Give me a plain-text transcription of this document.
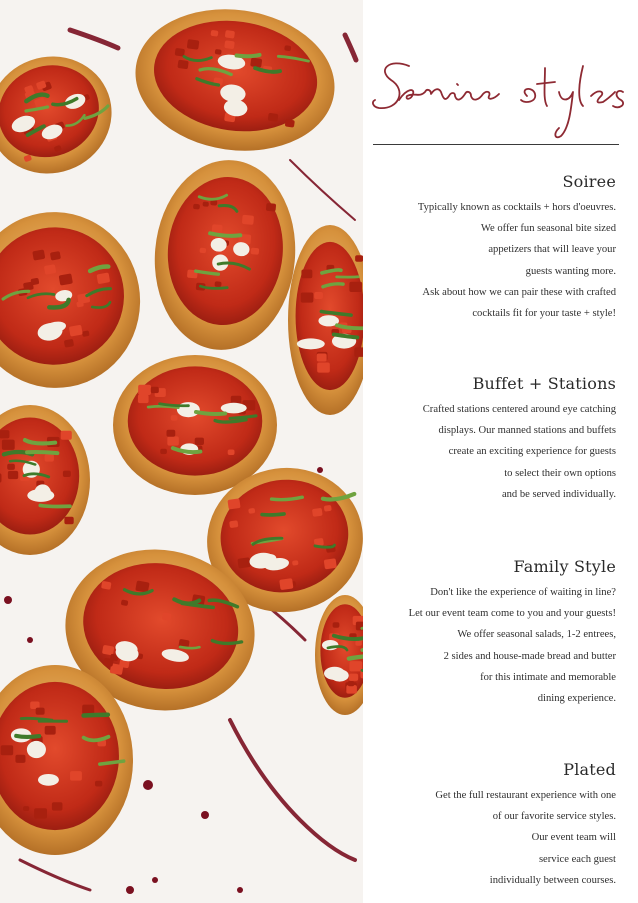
Soiree

Typically known as cocktails + hors d'oeuvres.
We offer fun seasonal bite sized
appetizers that will leave your
guests wanting more.
Ask about how we can pair these with crafted
cocktails fit for your taste + style!

Buffet + Stations

Crafted stations centered around eye catching
displays. Our manned stations and buffets
create an exciting experience for guests
to select their own options
and be served individually.

Family Style

Don't like the experience of waiting in line?
Let our event team come to you and your guests!
We offer seasonal salads, 1-2 entrees,
2 sides and house-made bread and butter
for this intimate and memorable
dining experience.

Plated

Get the full restaurant experience with one
of our favorite service styles.
Our event team will
service each guest
individually between courses.
